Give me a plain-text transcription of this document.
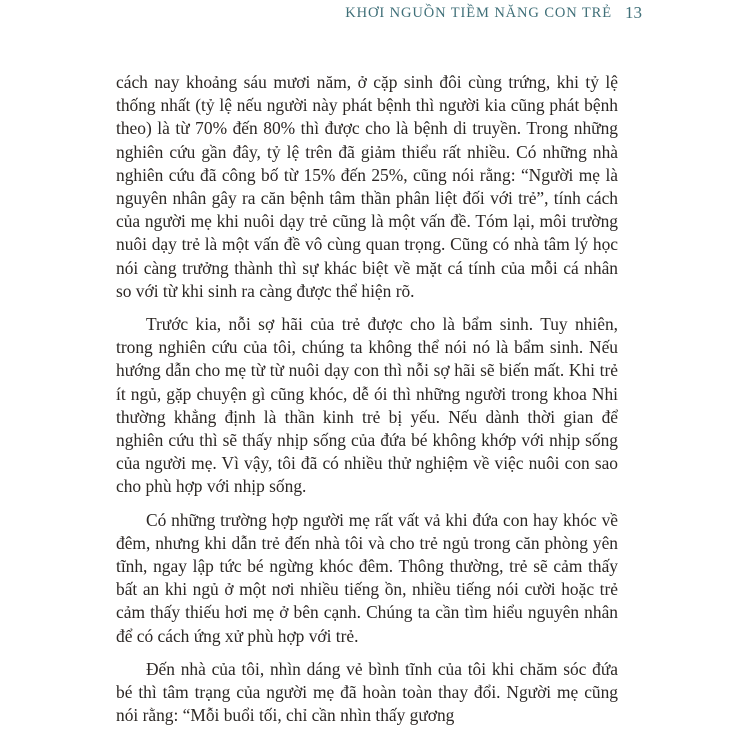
KHƠI NGUỒN TIỀM NĂNG CON TRẺ 13

cách nay khoảng sáu mươi năm, ở cặp sinh đôi cùng trứng, khi tỷ lệ thống nhất (tỷ lệ nếu người này phát bệnh thì người kia cũng phát bệnh theo) là từ 70% đến 80% thì được cho là bệnh di truyền. Trong những nghiên cứu gần đây, tỷ lệ trên đã giảm thiểu rất nhiều. Có những nhà nghiên cứu đã công bố từ 15% đến 25%, cũng nói rằng: “Người mẹ là nguyên nhân gây ra căn bệnh tâm thần phân liệt đối với trẻ”, tính cách của người mẹ khi nuôi dạy trẻ cũng là một vấn đề. Tóm lại, môi trường nuôi dạy trẻ là một vấn đề vô cùng quan trọng. Cũng có nhà tâm lý học nói càng trưởng thành thì sự khác biệt về mặt cá tính của mỗi cá nhân so với từ khi sinh ra càng được thể hiện rõ.

Trước kia, nỗi sợ hãi của trẻ được cho là bẩm sinh. Tuy nhiên, trong nghiên cứu của tôi, chúng ta không thể nói nó là bẩm sinh. Nếu hướng dẫn cho mẹ từ từ nuôi dạy con thì nỗi sợ hãi sẽ biến mất. Khi trẻ ít ngủ, gặp chuyện gì cũng khóc, dễ ói thì những người trong khoa Nhi thường khẳng định là thần kinh trẻ bị yếu. Nếu dành thời gian để nghiên cứu thì sẽ thấy nhịp sống của đứa bé không khớp với nhịp sống của người mẹ. Vì vậy, tôi đã có nhiều thử nghiệm về việc nuôi con sao cho phù hợp với nhịp sống.

Có những trường hợp người mẹ rất vất vả khi đứa con hay khóc về đêm, nhưng khi dẫn trẻ đến nhà tôi và cho trẻ ngủ trong căn phòng yên tĩnh, ngay lập tức bé ngừng khóc đêm. Thông thường, trẻ sẽ cảm thấy bất an khi ngủ ở một nơi nhiều tiếng ồn, nhiều tiếng nói cười hoặc trẻ cảm thấy thiếu hơi mẹ ở bên cạnh. Chúng ta cần tìm hiểu nguyên nhân để có cách ứng xử phù hợp với trẻ.

Đến nhà của tôi, nhìn dáng vẻ bình tĩnh của tôi khi chăm sóc đứa bé thì tâm trạng của người mẹ đã hoàn toàn thay đổi. Người mẹ cũng nói rằng: “Mỗi buổi tối, chỉ cần nhìn thấy gương
